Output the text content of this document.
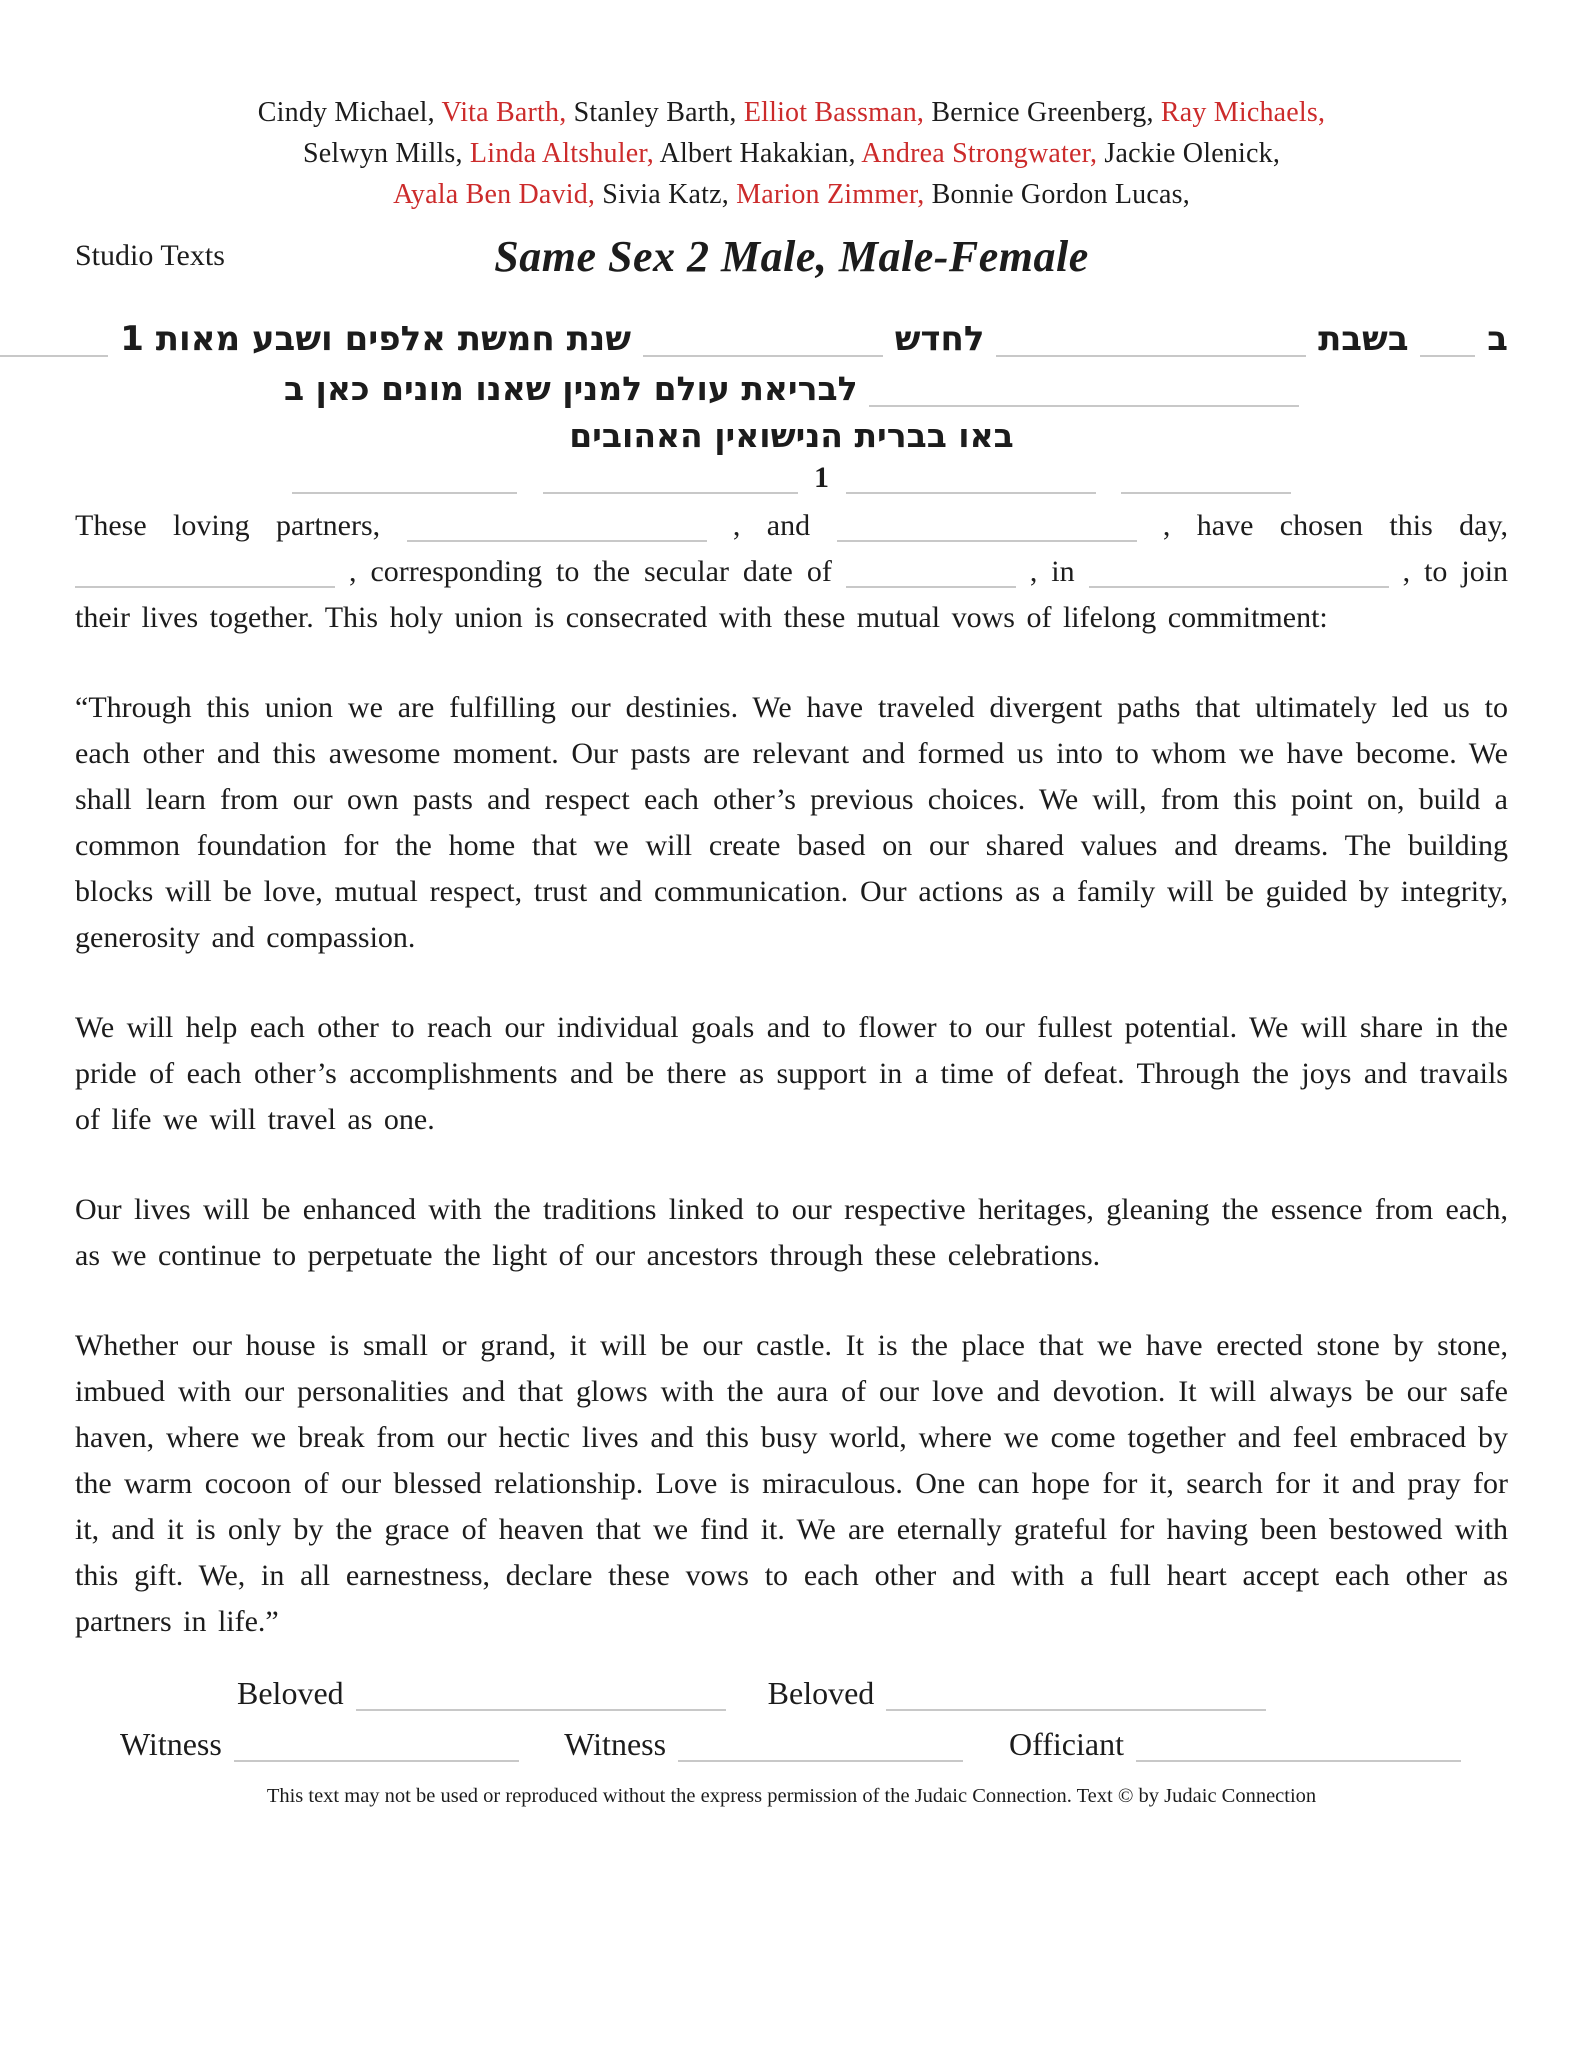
Cindy Michael, Vita Barth, Stanley Barth, Elliot Bassman, Bernice Greenberg, Ray Michaels,
Selwyn Mills, Linda Altshuler, Albert Hakakian, Andrea Strongwater, Jackie Olenick,
Ayala Ben David, Sivia Katz, Marion Zimmer, Bonnie Gordon Lucas,
Studio Texts	Same Sex 2 Male, Male-Female
ב  בשבת  לחדש  שנת חמשת אלפים ושבע מאות 1
לבריאת עולם למנין שאנו מונים כאן ב
באו בברית הנישואין האהובים
1

These loving partners,	, and	, have chosen this day,  , corresponding to the secular date of	, in	, to join their lives together. This holy union is consecrated with these mutual vows of lifelong commitment:

“Through this union we are fulfilling our destinies. We have traveled divergent paths that ultimately led us to each other and this awesome moment. Our pasts are relevant and formed us into to whom we have become. We shall learn from our own pasts and respect each other’s previous choices. We will, from this point on, build a common foundation for the home that we will create based on our shared values and dreams. The building blocks will be love, mutual respect, trust and communication. Our actions as a family will be guided by integrity, generosity and compassion.

We will help each other to reach our individual goals and to flower to our fullest potential. We will share in the pride of each other’s accomplishments and be there as support in a time of defeat. Through the joys and travails of life we will travel as one.

Our lives will be enhanced with the traditions linked to our respective heritages, gleaning the essence from each, as we continue to perpetuate the light of our ancestors through these celebrations.

Whether our house is small or grand, it will be our castle. It is the place that we have erected stone by stone, imbued with our personalities and that glows with the aura of our love and devotion. It will always be our safe haven, where we break from our hectic lives and this busy world, where we come together and feel embraced by the warm cocoon of our blessed relationship. Love is miraculous. One can hope for it, search for it and pray for it, and it is only by the grace of heaven that we find it. We are eternally grateful for having been bestowed with this gift. We, in all earnestness, declare these vows to each other and with a full heart accept each other as partners in life.”

Beloved	Beloved
Witness	Witness	Officiant
This text may not be used or reproduced without the express permission of the Judaic Connection. Text © by Judaic Connection
